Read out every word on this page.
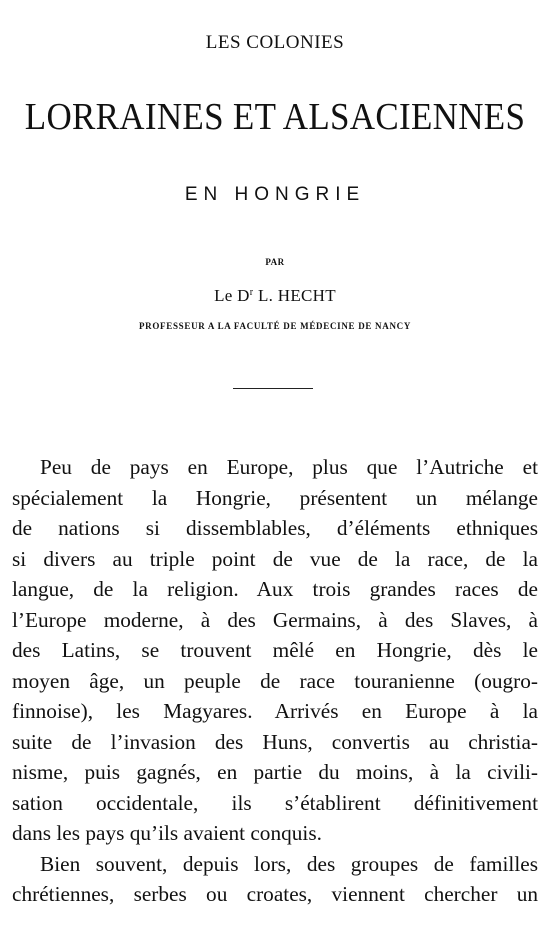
LES COLONIES
LORRAINES ET ALSACIENNES
EN HONGRIE
PAR
Le $D^r$ L. HECHT
PROFESSEUR A LA FACULTÉ DE MÉDECINE DE NANCY
Peu de pays en Europe, plus que l’Autriche et
spécialement la Hongrie, présentent un mélange
de nations si dissemblables, d’éléments ethniques
si divers au triple point de vue de la race, de la
langue, de la religion. Aux trois grandes races de
l’Europe moderne, à des Germains, à des Slaves, à
des Latins, se trouvent mêlé en Hongrie, dès le
moyen âge, un peuple de race touranienne (ougro-
finnoise), les Magyares. Arrivés en Europe à la
suite de l’invasion des Huns, convertis au christia-
nisme, puis gagnés, en partie du moins, à la civili-
sation occidentale, ils s’établirent définitivement
dans les pays qu’ils avaient conquis.
Bien souvent, depuis lors, des groupes de familles
chrétiennes, serbes ou croates, viennent chercher un
